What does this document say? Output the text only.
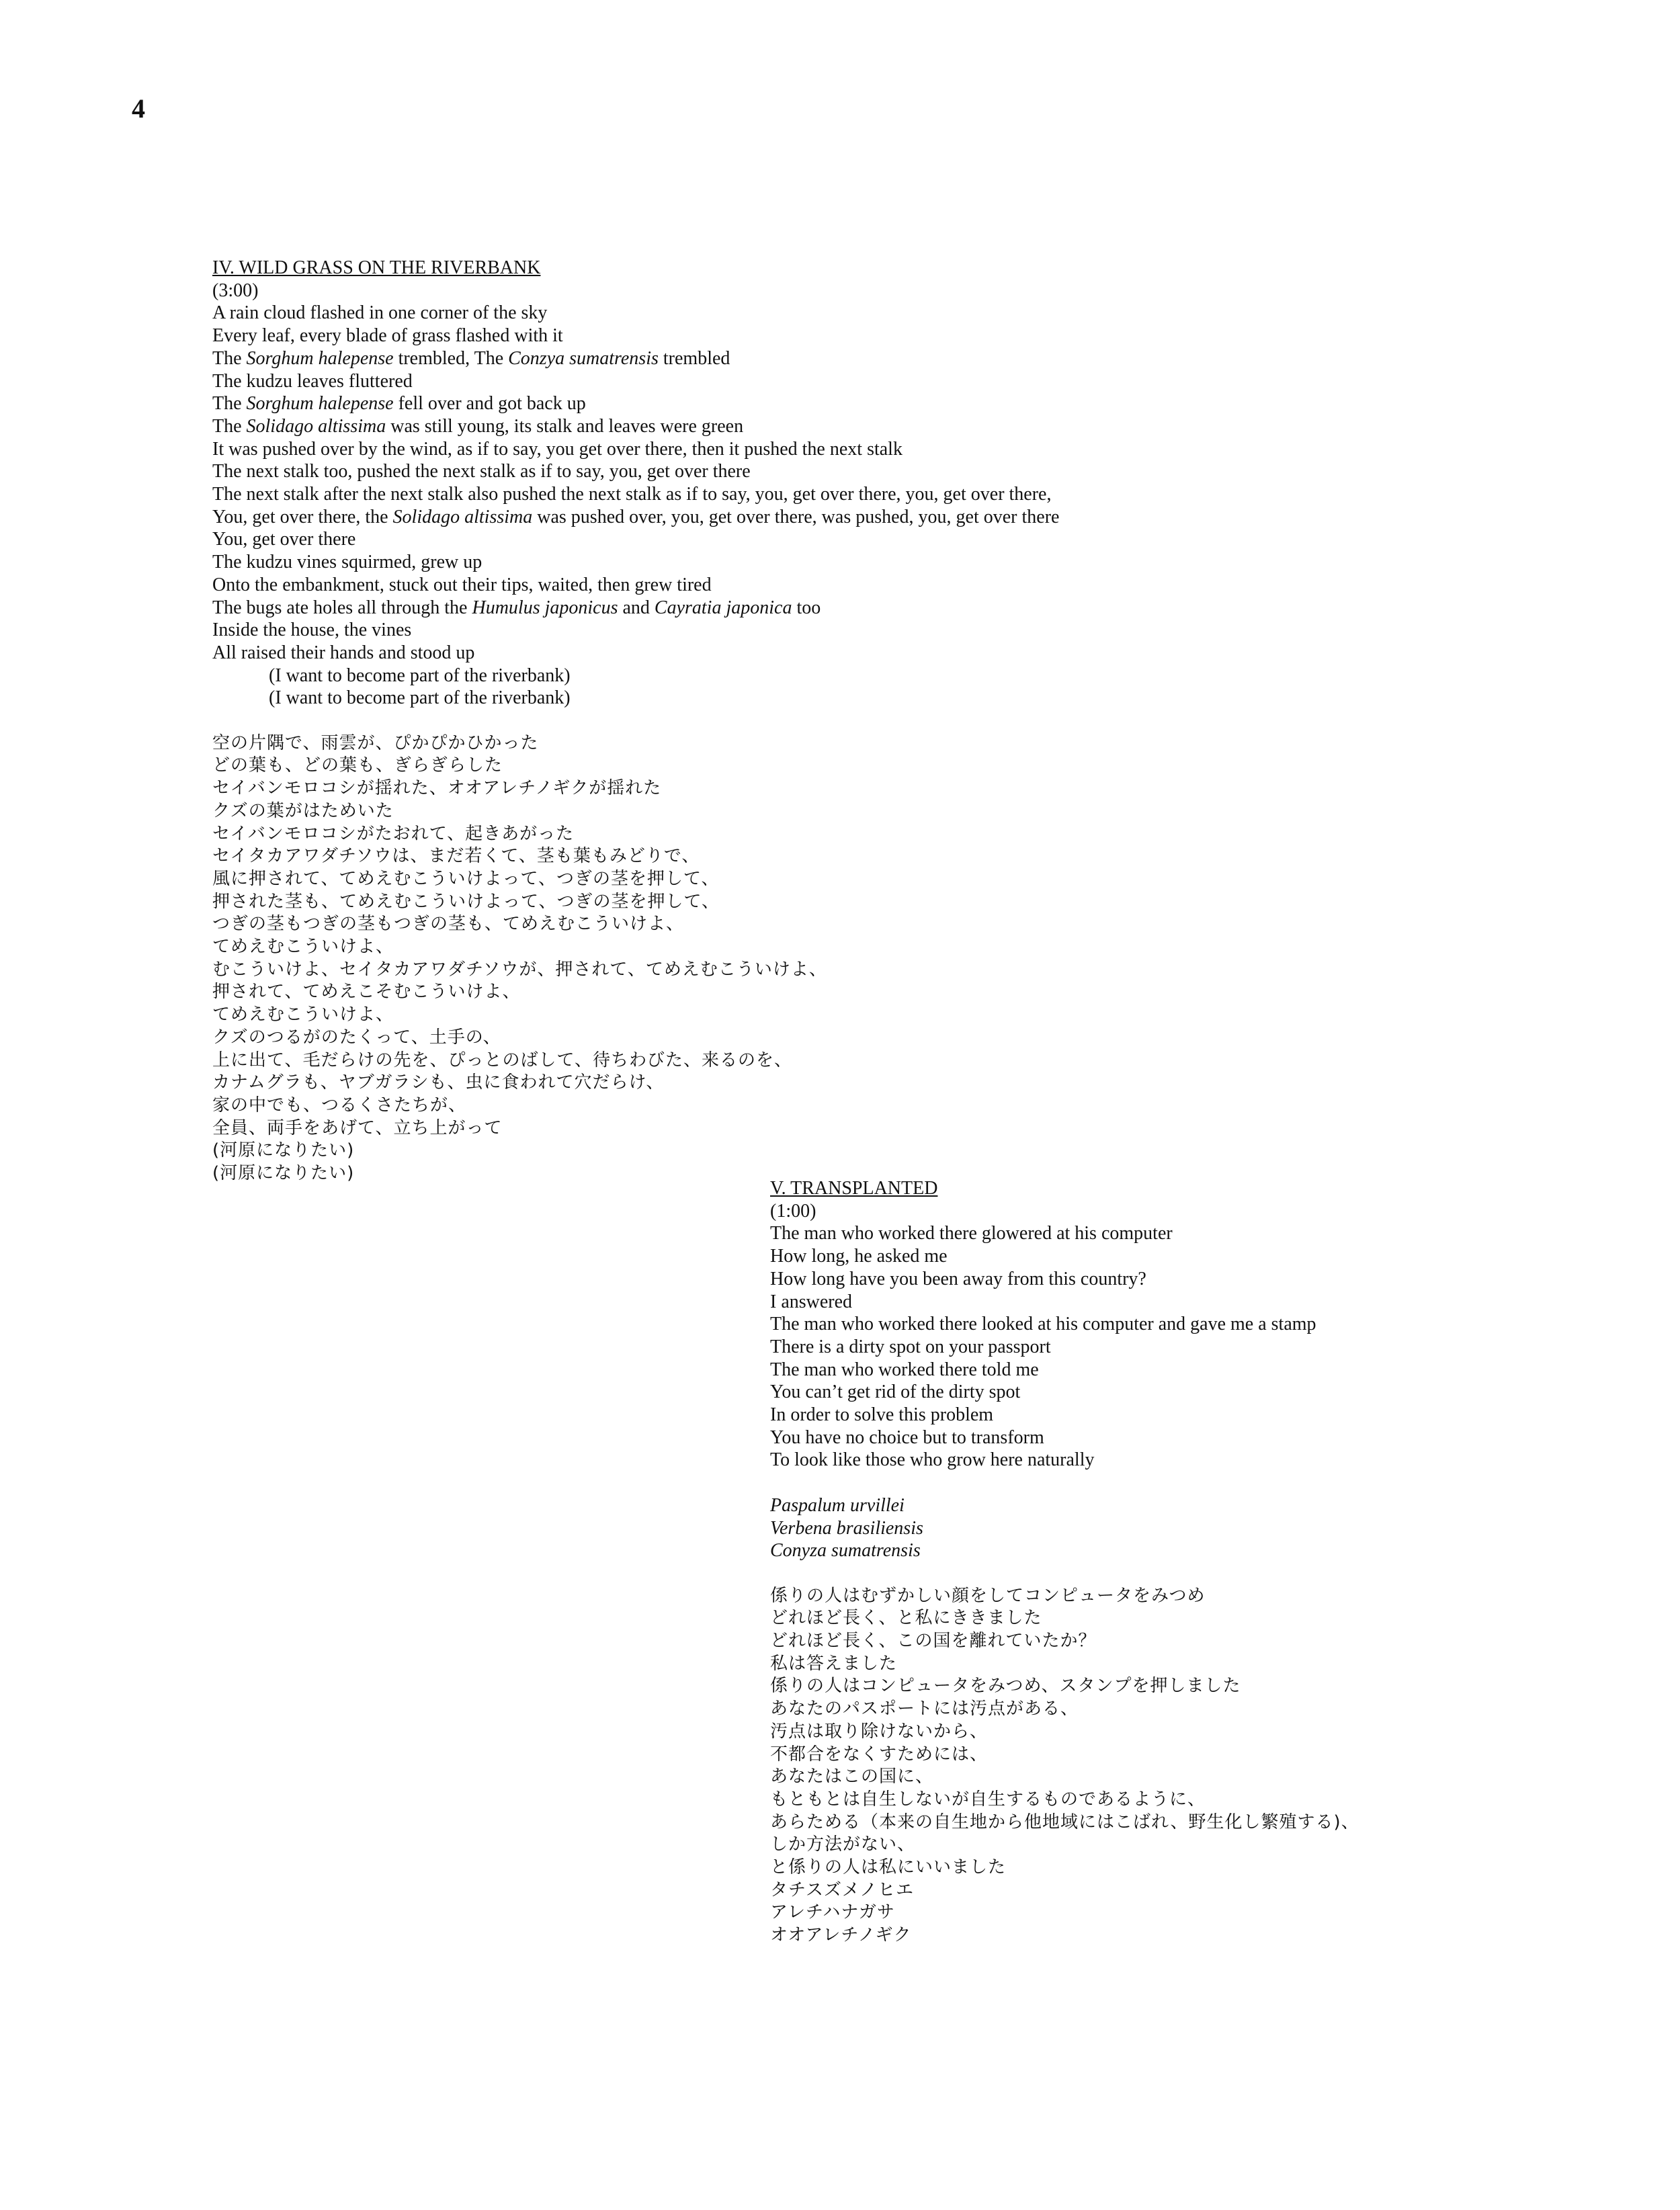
4
IV. WILD GRASS ON THE RIVERBANK
(3:00)
A rain cloud flashed in one corner of the sky
Every leaf, every blade of grass flashed with it
The Sorghum halepense trembled, The Conzya sumatrensis trembled
The kudzu leaves fluttered
The Sorghum halepense fell over and got back up
The Solidago altissima was still young, its stalk and leaves were green
It was pushed over by the wind, as if to say, you get over there, then it pushed the next stalk
The next stalk too, pushed the next stalk as if to say, you, get over there
The next stalk after the next stalk also pushed the next stalk as if to say, you, get over there, you, get over there,
You, get over there, the Solidago altissima was pushed over, you, get over there, was pushed, you, get over there
You, get over there
The kudzu vines squirmed, grew up
Onto the embankment, stuck out their tips, waited, then grew tired
The bugs ate holes all through the Humulus japonicus and Cayratia japonica too
Inside the house, the vines
All raised their hands and stood up
(I want to become part of the riverbank)
(I want to become part of the riverbank)
空の片隅で、雨雲が、ぴかぴかひかった
どの葉も、どの葉も、ぎらぎらした
セイバンモロコシが揺れた、オオアレチノギクが揺れた
クズの葉がはためいた
セイバンモロコシがたおれて、起きあがった
セイタカアワダチソウは、まだ若くて、茎も葉もみどりで、
風に押されて、てめえむこういけよって、つぎの茎を押して、
押された茎も、てめえむこういけよって、つぎの茎を押して、
つぎの茎もつぎの茎もつぎの茎も、てめえむこういけよ、
てめえむこういけよ、
むこういけよ、セイタカアワダチソウが、押されて、てめえむこういけよ、
押されて、てめえこそむこういけよ、
てめえむこういけよ、
クズのつるがのたくって、土手の、
上に出て、毛だらけの先を、ぴっとのばして、待ちわびた、来るのを、
カナムグラも、ヤブガラシも、虫に食われて穴だらけ、
家の中でも、つるくさたちが、
全員、両手をあげて、立ち上がって
(河原になりたい)
(河原になりたい)
V. TRANSPLANTED
(1:00)
The man who worked there glowered at his computer
How long, he asked me
How long have you been away from this country?
I answered
The man who worked there looked at his computer and gave me a stamp
There is a dirty spot on your passport
The man who worked there told me
You can’t get rid of the dirty spot
In order to solve this problem
You have no choice but to transform
To look like those who grow here naturally
Paspalum urvillei
Verbena brasiliensis
Conyza sumatrensis
係りの人はむずかしい顔をしてコンピュータをみつめ
どれほど長く、と私にききました
どれほど長く、この国を離れていたか？
私は答えました
係りの人はコンピュータをみつめ、スタンプを押しました
あなたのパスポートには汚点がある、
汚点は取り除けないから、
不都合をなくすためには、
あなたはこの国に、
もともとは自生しないが自生するものであるように、
あらためる（本来の自生地から他地域にはこばれ、野生化し繁殖する)、
しか方法がない、
と係りの人は私にいいました
タチスズメノヒエ
アレチハナガサ
オオアレチノギク
